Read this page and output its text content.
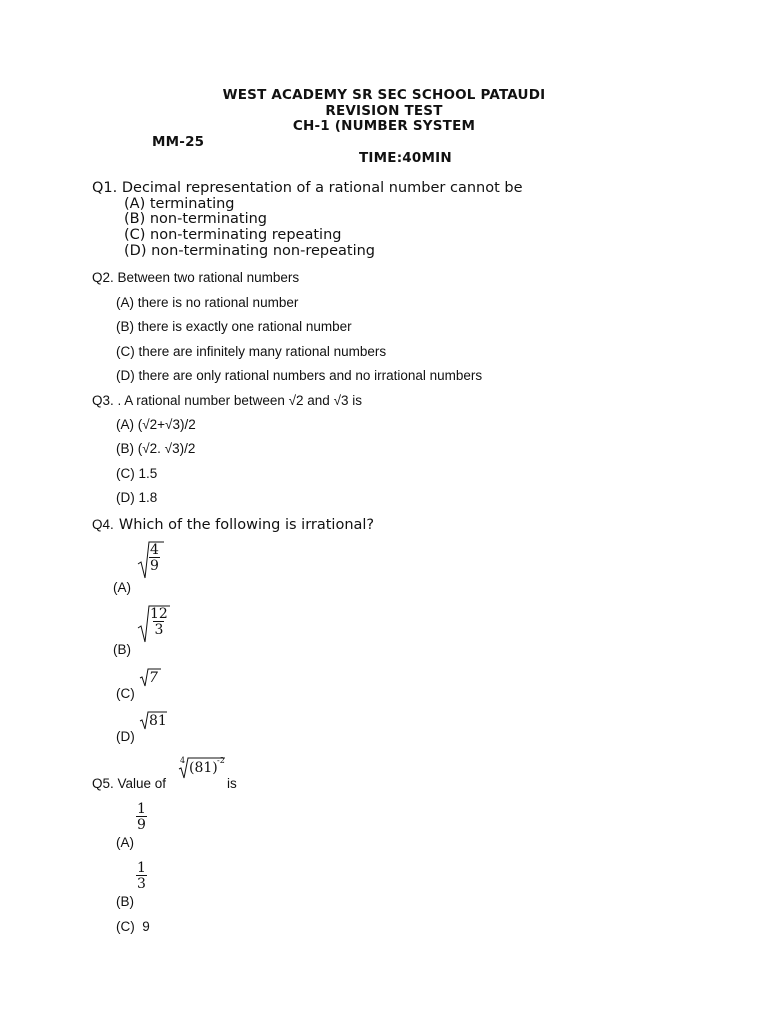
WEST ACADEMY SR SEC SCHOOL PATAUDI
REVISION TEST
CH-1 (NUMBER SYSTEM
MM-25
TIME:40MIN
Q1. Decimal representation of a rational number cannot be
(A) terminating
(B) non-terminating
(C) non-terminating repeating
(D) non-terminating non-repeating
Q2. Between two rational numbers
(A) there is no rational number
(B) there is exactly one rational number
(C) there are infinitely many rational numbers
(D) there are only rational numbers and no irrational numbers
Q3. . A rational number between √2 and √3 is
(A) (√2+√3)/2
(B) (√2. √3)/2
(C) 1.5
(D) 1.8
Q4. Which of the following is irrational?
$\frac{4}{9}$
(A)
$\frac{12}{3}$
(B)
7
(C)
81
(D)
Q5. Value of
4 (81) -2
is
$\frac{1}{9}$
(A)
$\frac{1}{3}$
(B)
(C)  9
